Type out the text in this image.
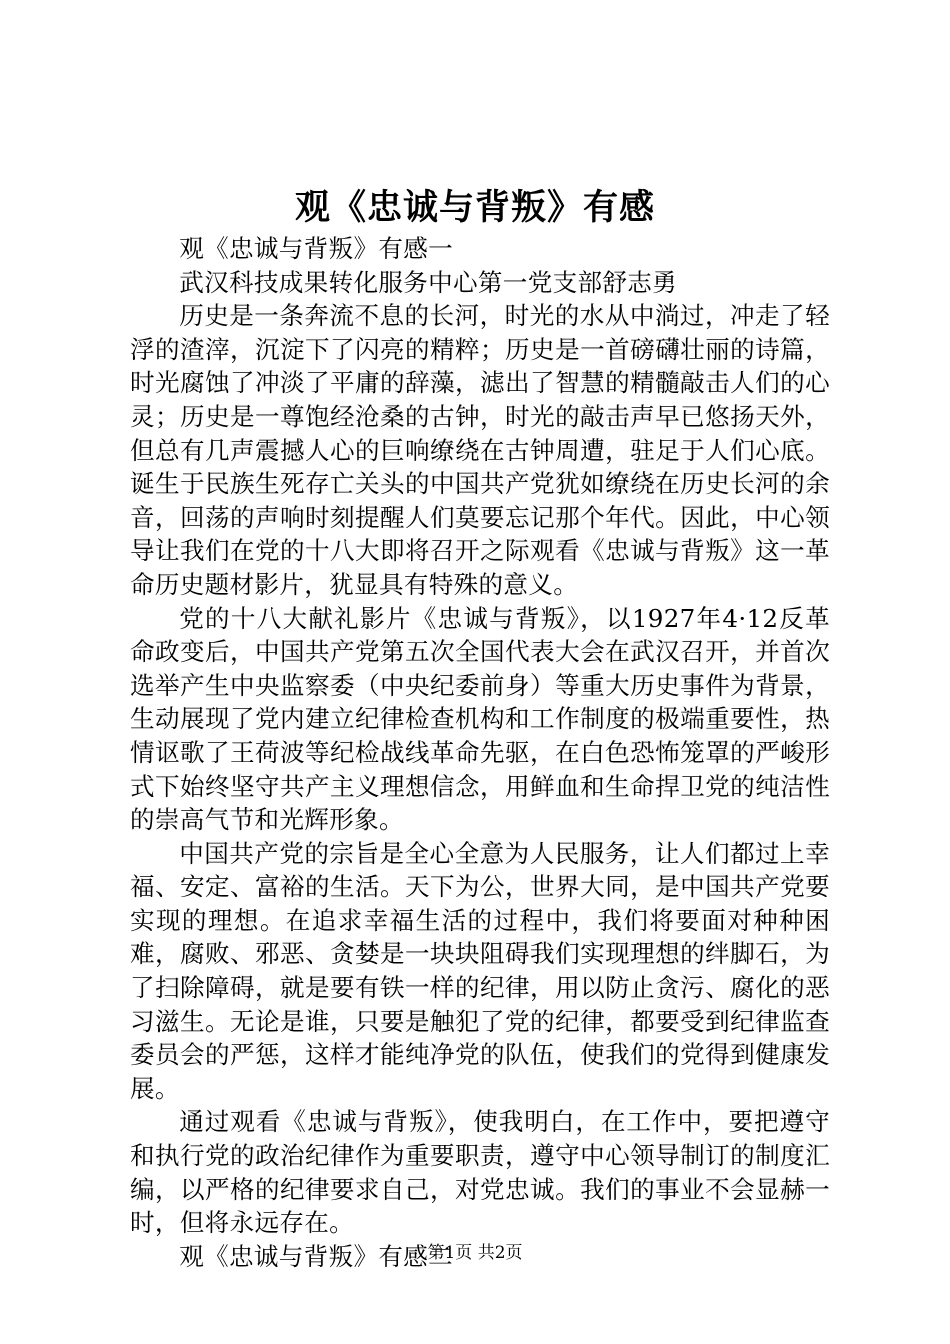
观《忠诚与背叛》有感

观《忠诚与背叛》有感一

武汉科技成果转化服务中心第一党支部舒志勇

历史是一条奔流不息的长河，时光的水从中淌过，冲走了轻浮的渣滓，沉淀下了闪亮的精粹；历史是一首磅礴壮丽的诗篇，时光腐蚀了冲淡了平庸的辞藻，滤出了智慧的精髓敲击人们的心灵；历史是一尊饱经沧桑的古钟，时光的敲击声早已悠扬天外，但总有几声震撼人心的巨响缭绕在古钟周遭，驻足于人们心底。诞生于民族生死存亡关头的中国共产党犹如缭绕在历史长河的余音，回荡的声响时刻提醒人们莫要忘记那个年代。因此，中心领导让我们在党的十八大即将召开之际观看《忠诚与背叛》这一革命历史题材影片，犹显具有特殊的意义。

党的十八大献礼影片《忠诚与背叛》，以1927年4·12反革命政变后，中国共产党第五次全国代表大会在武汉召开，并首次选举产生中央监察委（中央纪委前身）等重大历史事件为背景，生动展现了党内建立纪律检查机构和工作制度的极端重要性，热情讴歌了王荷波等纪检战线革命先驱，在白色恐怖笼罩的严峻形式下始终坚守共产主义理想信念，用鲜血和生命捍卫党的纯洁性的崇高气节和光辉形象。

中国共产党的宗旨是全心全意为人民服务，让人们都过上幸福、安定、富裕的生活。天下为公，世界大同，是中国共产党要实现的理想。在追求幸福生活的过程中，我们将要面对种种困难，腐败、邪恶、贪婪是一块块阻碍我们实现理想的绊脚石，为了扫除障碍，就是要有铁一样的纪律，用以防止贪污、腐化的恶习滋生。无论是谁，只要是触犯了党的纪律，都要受到纪律监查委员会的严惩，这样才能纯净党的队伍，使我们的党得到健康发展。

通过观看《忠诚与背叛》，使我明白，在工作中，要把遵守和执行党的政治纪律作为重要职责，遵守中心领导制订的制度汇编，以严格的纪律要求自己，对党忠诚。我们的事业不会显赫一时，但将永远存在。

观《忠诚与背叛》有感二

第1页 共2页
